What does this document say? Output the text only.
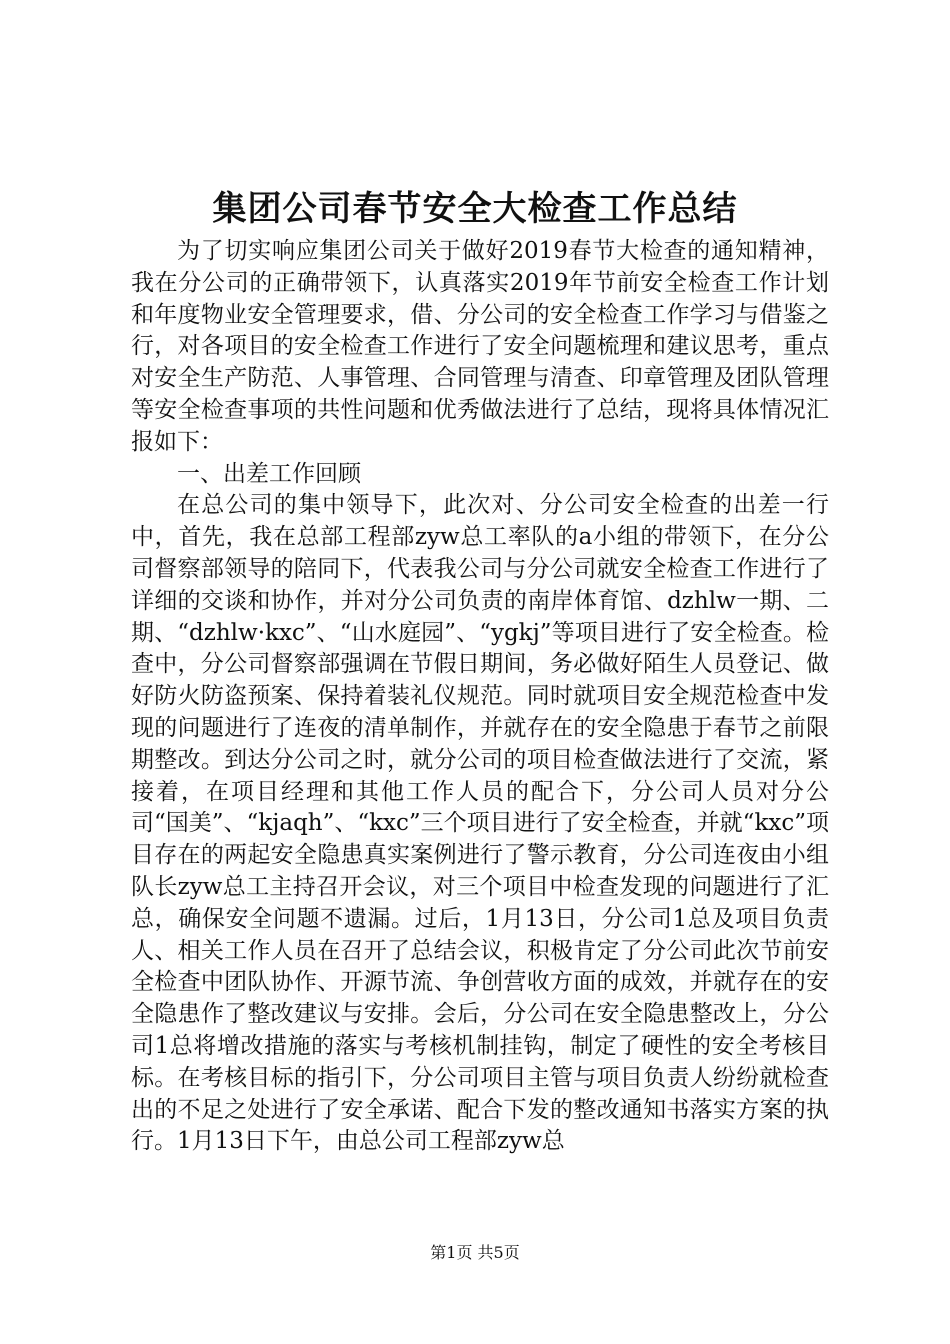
集团公司春节安全大检查工作总结

为了切实响应集团公司关于做好2019春节大检查的通知精神，我在分公司的正确带领下，认真落实2019年节前安全检查工作计划和年度物业安全管理要求，借、分公司的安全检查工作学习与借鉴之行，对各项目的安全检查工作进行了安全问题梳理和建议思考，重点对安全生产防范、人事管理、合同管理与清查、印章管理及团队管理等安全检查事项的共性问题和优秀做法进行了总结，现将具体情况汇报如下：

一、出差工作回顾

在总公司的集中领导下，此次对、分公司安全检查的出差一行中，首先，我在总部工程部zyw总工率队的a小组的带领下，在分公司督察部领导的陪同下，代表我公司与分公司就安全检查工作进行了详细的交谈和协作，并对分公司负责的南岸体育馆、dzhlw一期、二期、“dzhlw·kxc”、“山水庭园”、“ygkj”等项目进行了安全检查。检查中，分公司督察部强调在节假日期间，务必做好陌生人员登记、做好防火防盗预案、保持着装礼仪规范。同时就项目安全规范检查中发现的问题进行了连夜的清单制作，并就存在的安全隐患于春节之前限期整改。到达分公司之时，就分公司的项目检查做法进行了交流，紧接着，在项目经理和其他工作人员的配合下，分公司人员对分公司“国美”、“kjaqh”、“kxc”三个项目进行了安全检查，并就“kxc”项目存在的两起安全隐患真实案例进行了警示教育，分公司连夜由小组队长zyw总工主持召开会议，对三个项目中检查发现的问题进行了汇总，确保安全问题不遗漏。过后，1月13日，分公司1总及项目负责人、相关工作人员在召开了总结会议，积极肯定了分公司此次节前安全检查中团队协作、开源节流、争创营收方面的成效，并就存在的安全隐患作了整改建议与安排。会后，分公司在安全隐患整改上，分公司1总将增改措施的落实与考核机制挂钩，制定了硬性的安全考核目标。在考核目标的指引下，分公司项目主管与项目负责人纷纷就检查出的不足之处进行了安全承诺、配合下发的整改通知书落实方案的执行。1月13日下午，由总公司工程部zyw总

第1页 共5页
